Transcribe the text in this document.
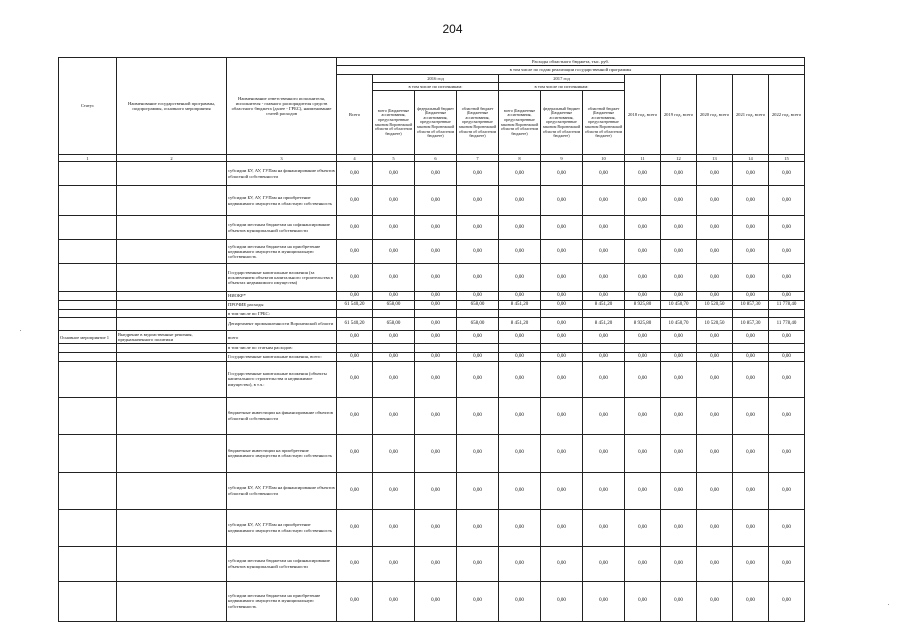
204
Статус	Наименование государственной программы, подпрограммы, основного мероприятия	Наименование ответственного исполнителя, исполнителя - главного распорядителя средств областного бюджета (далее - ГРБС), наименование статей расходов	Расходы областного бюджета, тыс. руб.											
			в том числе по годам реализации государственной программы											
			Всего	2016 год			2017 год			2018 год, всего	2019 год, всего	2020 год, всего	2021 год, всего	2022 год, всего
				в том числе по источникам:			в том числе по источникам:							
				всего (Бюджетные ассигнования, предусмотренные законом Воронежской области об областном бюджете)	федеральный бюджет (Бюджетные ассигнования, предусмотренные законом Воронежской области об областном бюджете)	областной бюджет (Бюджетные ассигнования, предусмотренные законом Воронежской области об областном бюджете)	всего (Бюджетные ассигнования, предусмотренные законом Воронежской области об областном бюджете)	федеральный бюджет (Бюджетные ассигнования, предусмотренные законом Воронежской области об областном бюджете)	областной бюджет (Бюджетные ассигнования, предусмотренные законом Воронежской области об областном бюджете)					
1	2	3	4	5	6	7	8	9	10	11	12	13	14	15
		субсидии БУ, АУ, ГУПам на финансирование объектов областной собственности	0,00	0,00	0,00	0,00	0,00	0,00	0,00	0,00	0,00	0,00	0,00	0,00
		субсидии БУ, АУ, ГУПам на приобретение недвижимого имущества в областную собственность	0,00	0,00	0,00	0,00	0,00	0,00	0,00	0,00	0,00	0,00	0,00	0,00
		субсидии местным бюджетам на софинансирование объектов муниципальной собственности	0,00	0,00	0,00	0,00	0,00	0,00	0,00	0,00	0,00	0,00	0,00	0,00
		субсидии местным бюджетам на приобретение недвижимого имущества в муниципальную собственность	0,00	0,00	0,00	0,00	0,00	0,00	0,00	0,00	0,00	0,00	0,00	0,00
		Государственные капитальные вложения (за исключением объектов капитального строительства в объектах недвижимого имущества)	0,00	0,00	0,00	0,00	0,00	0,00	0,00	0,00	0,00	0,00	0,00	0,00
		НИОКР*	0,00	0,00	0,00	0,00	0,00	0,00	0,00	0,00	0,00	0,00	0,00	0,00
		ПРОЧИЕ расходы	61 540,20	658,00	0,00	658,00	8 451,20	0,00	8 451,20	8 925,80	10 450,70	10 520,50	10 857,30	11 778,40
		в том числе по ГРБС:												
		Департамент промышленности Воронежской области	61 540,20	658,00	0,00	658,00	8 451,20	0,00	8 451,20	8 925,80	10 450,70	10 520,50	10 857,30	11 778,40
Основное мероприятие 1	Внедрение в ведомственные решения, предназначенного политики	всего	0,00	0,00	0,00	0,00	0,00	0,00	0,00	0,00	0,00	0,00	0,00	0,00
		в том числе по статьям расходов:												
		Государственные капитальные вложения, всего:	0,00	0,00	0,00	0,00	0,00	0,00	0,00	0,00	0,00	0,00	0,00	0,00
		Государственные капитальные вложения (объекты капитального строительства и недвижимое имущество), в т.ч.:	0,00	0,00	0,00	0,00	0,00	0,00	0,00	0,00	0,00	0,00	0,00	0,00
		бюджетные инвестиции на финансирование объектов областной собственности	0,00	0,00	0,00	0,00	0,00	0,00	0,00	0,00	0,00	0,00	0,00	0,00
		бюджетные инвестиции на приобретение недвижимого имущества в областную собственность	0,00	0,00	0,00	0,00	0,00	0,00	0,00	0,00	0,00	0,00	0,00	0,00
		субсидии БУ, АУ, ГУПам на финансирование объектов областной собственности	0,00	0,00	0,00	0,00	0,00	0,00	0,00	0,00	0,00	0,00	0,00	0,00
		субсидии БУ, АУ, ГУПам на приобретение недвижимого имущества в областную собственность	0,00	0,00	0,00	0,00	0,00	0,00	0,00	0,00	0,00	0,00	0,00	0,00
		субсидии местным бюджетам на софинансирование объектов муниципальной собственности	0,00	0,00	0,00	0,00	0,00	0,00	0,00	0,00	0,00	0,00	0,00	0,00
		субсидии местным бюджетам на приобретение недвижимого имущества в муниципальную собственность	0,00	0,00	0,00	0,00	0,00	0,00	0,00	0,00	0,00	0,00	0,00	0,00
